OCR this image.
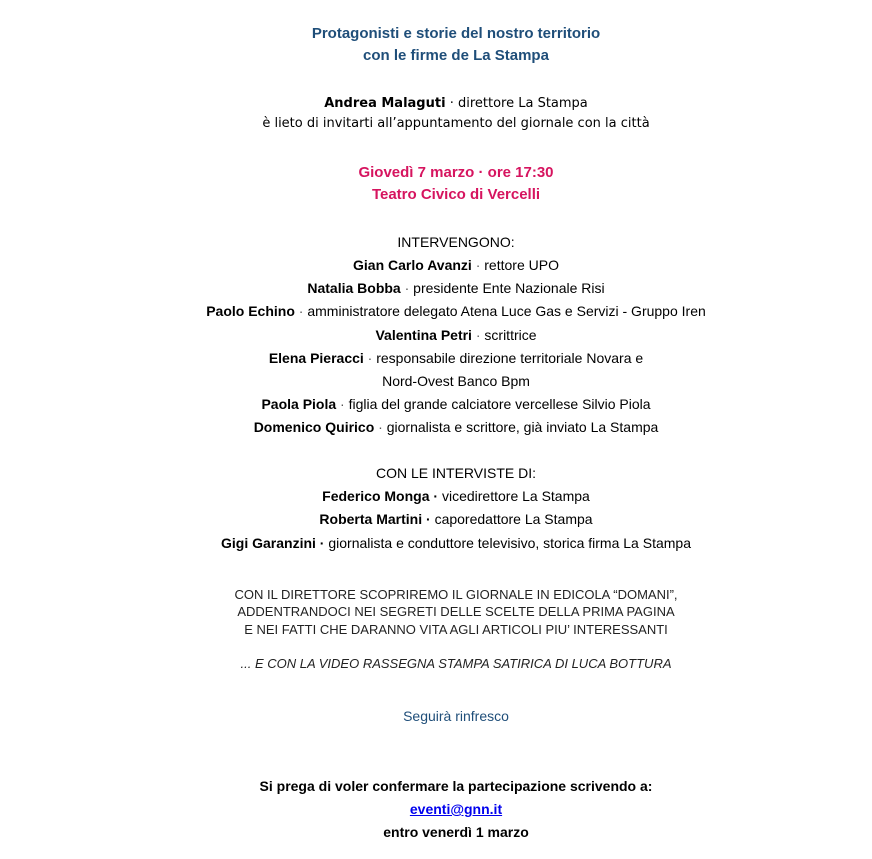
Protagonisti e storie del nostro territorio
con le firme de La Stampa
Andrea Malaguti · direttore La Stampa
è lieto di invitarti all’appuntamento del giornale con la città
Giovedì 7 marzo · ore 17:30
Teatro Civico di Vercelli
INTERVENGONO:
Gian Carlo Avanzi · rettore UPO
Natalia Bobba · presidente Ente Nazionale Risi
Paolo Echino · amministratore delegato Atena Luce Gas e Servizi - Gruppo Iren
Valentina Petri · scrittrice
Elena Pieracci · responsabile direzione territoriale Novara e
Nord-Ovest Banco Bpm
Paola Piola · figlia del grande calciatore vercellese Silvio Piola
Domenico Quirico · giornalista e scrittore, già inviato La Stampa
CON LE INTERVISTE DI:
Federico Monga · vicedirettore La Stampa
Roberta Martini · caporedattore La Stampa
Gigi Garanzini · giornalista e conduttore televisivo, storica firma La Stampa
CON IL DIRETTORE SCOPRIREMO IL GIORNALE IN EDICOLA “DOMANI”,
ADDENTRANDOCI NEI SEGRETI DELLE SCELTE DELLA PRIMA PAGINA
E NEI FATTI CHE DARANNO VITA AGLI ARTICOLI PIU’ INTERESSANTI
... E CON LA VIDEO RASSEGNA STAMPA SATIRICA DI LUCA BOTTURA
Seguirà rinfresco
Si prega di voler confermare la partecipazione scrivendo a:
eventi@gnn.it
entro venerdì 1 marzo
